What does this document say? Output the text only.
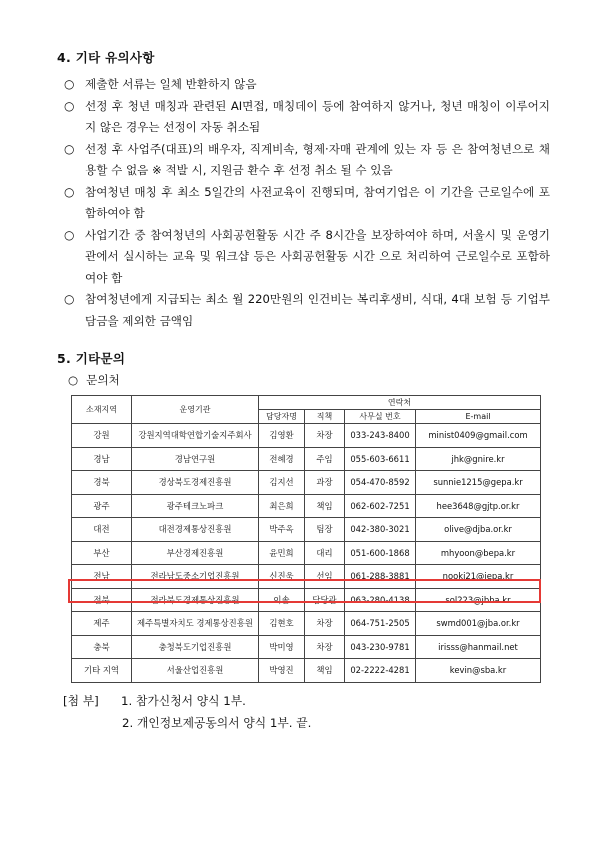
4. 기타 유의사항
○ 제출한 서류는 일체 반환하지 않음
○ 선정 후 청년 매칭과 관련된 AI면접, 매칭데이 등에 참여하지 않거나, 청년 매칭이 이루어지지 않은 경우는 선정이 자동 취소됨
○ 선정 후 사업주(대표)의 배우자, 직계비속, 형제·자매 관계에 있는 자 등 은 참여청년으로 채용할 수 없음 ※ 적발 시, 지원금 환수 후 선정 취소 될 수 있음
○ 참여청년 매칭 후 최소 5일간의 사전교육이 진행되며, 참여기업은 이 기간을 근로일수에 포함하여야 함
○ 사업기간 중 참여청년의 사회공헌활동 시간 주 8시간을 보장하여야 하며, 서울시 및 운영기관에서 실시하는 교육 및 워크샵 등은 사회공헌활동 시간 으로 처리하여 근로일수로 포함하여야 함
○ 참여청년에게 지급되는 최소 월 220만원의 인건비는 복리후생비, 식대, 4대 보험 등 기업부담금을 제외한 금액임
5. 기타문의
○ 문의처
소재지역	운영기관	연락처			
		담당자명	직책	사무실 번호	E-mail
강원	강원지역대학연합기술지주회사	김영환	차장	033-243-8400	minist0409@gmail.com
경남	경남연구원	전혜경	주임	055-603-6611	jhk@gnire.kr
경북	경상북도경제진흥원	김지선	과장	054-470-8592	sunnie1215@gepa.kr
광주	광주테크노파크	최은희	책임	062-602-7251	hee3648@gjtp.or.kr
대전	대전경제통상진흥원	박주옥	팀장	042-380-3021	olive@djba.or.kr
부산	부산경제진흥원	윤민희	대리	051-600-1868	mhyoon@bepa.kr
전남	전라남도중소기업진흥원	신진욱	선임	061-288-3881	nooki21@jepa.kr
전북	전라북도경제통상진흥원	이솔	담당관	063-280-4138	sol223@jbba.kr
제주	제주특별자치도 경제통상진흥원	김현호	차장	064-751-2505	swmd001@jba.or.kr
충북	충청북도기업진흥원	박미영	차장	043-230-9781	irisss@hanmail.net
기타 지역	서울산업진흥원	박영진	책임	02-2222-4281	kevin@sba.kr
[첨 부] 1. 참가신청서 양식 1부.
2. 개인정보제공동의서 양식 1부. 끝.
